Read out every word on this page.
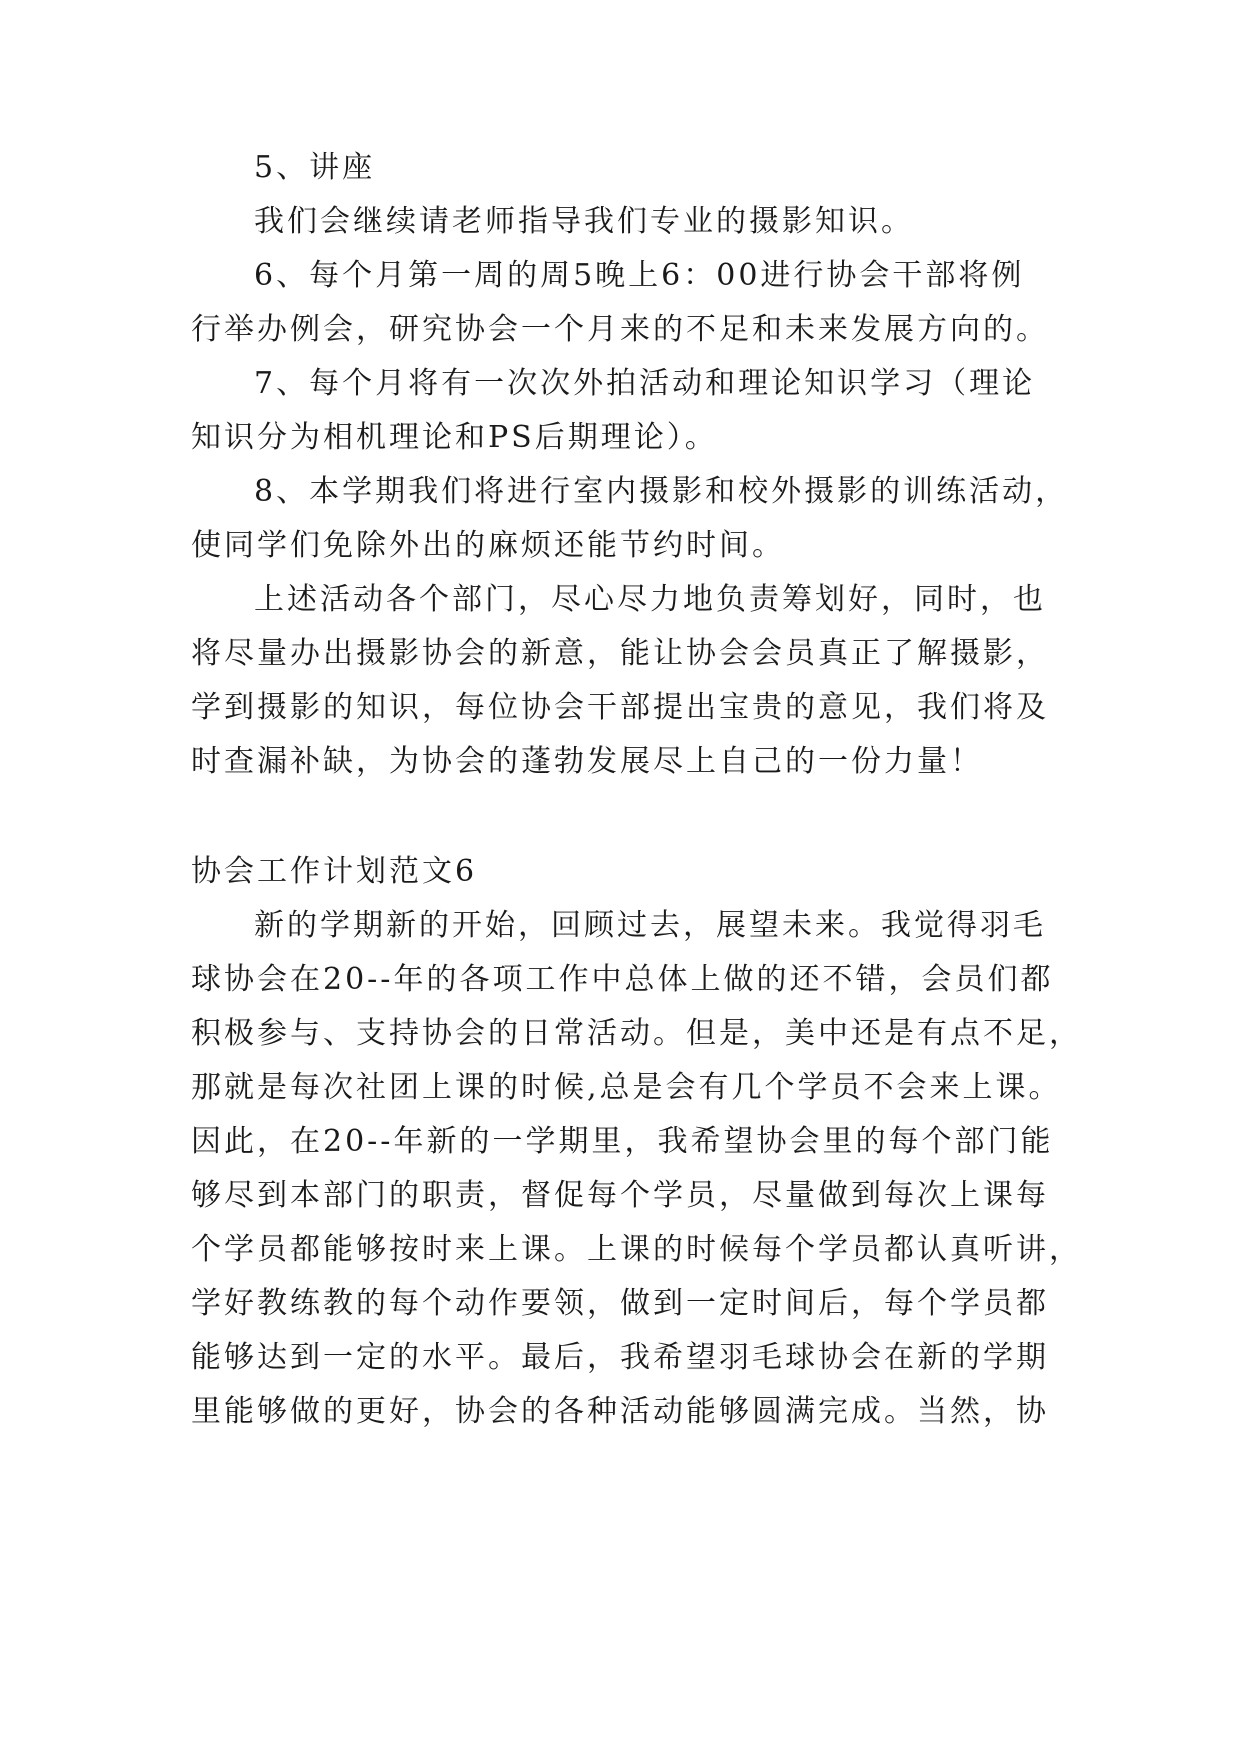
5、讲座
我们会继续请老师指导我们专业的摄影知识。
6、每个月第一周的周5晚上6：00进行协会干部将例
行举办例会，研究协会一个月来的不足和未来发展方向的。
7、每个月将有一次次外拍活动和理论知识学习（理论
知识分为相机理论和PS后期理论）。
8、本学期我们将进行室内摄影和校外摄影的训练活动，
使同学们免除外出的麻烦还能节约时间。
上述活动各个部门，尽心尽力地负责筹划好，同时，也
将尽量办出摄影协会的新意，能让协会会员真正了解摄影，
学到摄影的知识，每位协会干部提出宝贵的意见，我们将及
时查漏补缺，为协会的蓬勃发展尽上自己的一份力量！
协会工作计划范文6
新的学期新的开始，回顾过去，展望未来。我觉得羽毛
球协会在20--年的各项工作中总体上做的还不错，会员们都
积极参与、支持协会的日常活动。但是，美中还是有点不足，
那就是每次社团上课的时候,总是会有几个学员不会来上课。
因此，在20--年新的一学期里，我希望协会里的每个部门能
够尽到本部门的职责，督促每个学员，尽量做到每次上课每
个学员都能够按时来上课。上课的时候每个学员都认真听讲，
学好教练教的每个动作要领，做到一定时间后，每个学员都
能够达到一定的水平。最后，我希望羽毛球协会在新的学期
里能够做的更好，协会的各种活动能够圆满完成。当然，协
